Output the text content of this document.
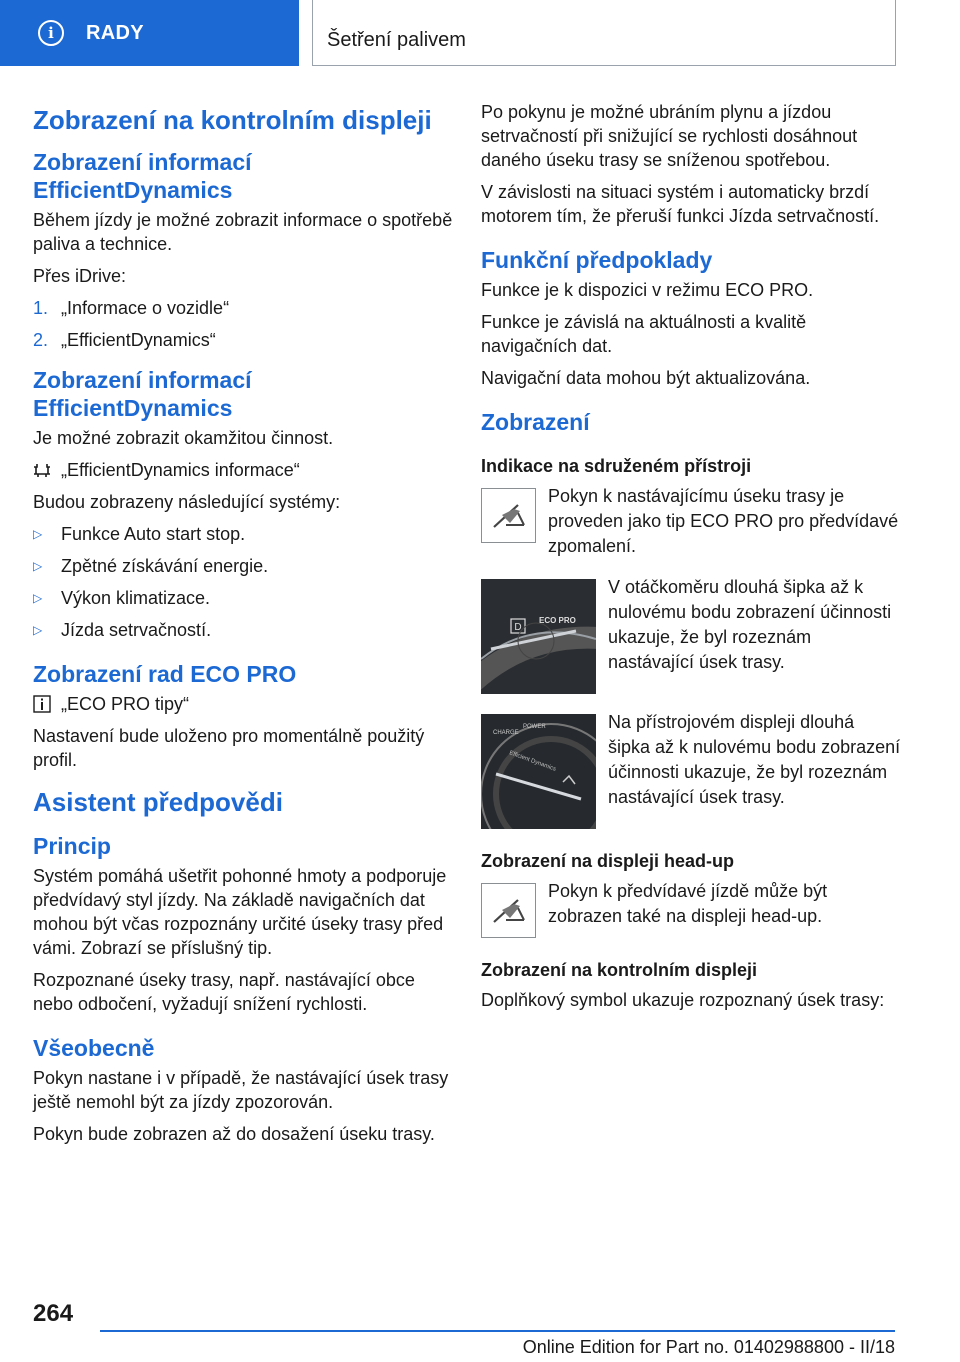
i	RADY	Šetření palivem
Zobrazení na kontrolním displeji
Zobrazení informací EfficientDynamics
Během jízdy je možné zobrazit informace o spotřebě paliva a technice.
Přes iDrive:
1. „Informace o vozidle“
2. „EfficientDynamics“
Zobrazení informací EfficientDynamics
Je možné zobrazit okamžitou činnost.
„EfficientDynamics informace“
Budou zobrazeny následující systémy:
▷	Funkce Auto start stop.
▷	Zpětné získávání energie.
▷	Výkon klimatizace.
▷	Jízda setrvačností.
Zobrazení rad ECO PRO
„ECO PRO tipy“
Nastavení bude uloženo pro momentálně použitý profil.
Asistent předpovědi
Princip
Systém pomáhá ušetřit pohonné hmoty a podporuje předvídavý styl jízdy. Na základě navigačních dat mohou být včas rozpoznány určité úseky trasy před vámi. Zobrazí se příslušný tip.
Rozpoznané úseky trasy, např. nastávající obce nebo odbočení, vyžadují snížení rychlosti.
Všeobecně
Pokyn nastane i v případě, že nastávající úsek trasy ještě nemohl být za jízdy zpozorován.
Pokyn bude zobrazen až do dosažení úseku trasy.
Po pokynu je možné ubráním plynu a jízdou setrvačností při snižující se rychlosti dosáhnout daného úseku trasy se sníženou spotřebou.
V závislosti na situaci systém i automaticky brzdí motorem tím, že přeruší funkci Jízda setrvačností.
Funkční předpoklady
Funkce je k dispozici v režimu ECO PRO.
Funkce je závislá na aktuálnosti a kvalitě navigačních dat.
Navigační data mohou být aktualizována.
Zobrazení
Indikace na sdruženém přístroji
Pokyn k nastávajícímu úseku trasy je proveden jako tip ECO PRO pro předvídavé zpomalení.
D
ECO PRO
V otáčkoměru dlouhá šipka až k nulovému bodu zobrazení účinnosti ukazuje, že byl rozeznám nastávající úsek trasy.
CHARGE
POWER
Efficient Dynamics
Na přístrojovém displeji dlouhá šipka až k nulovému bodu zobrazení účinnosti ukazuje, že byl rozeznám nastávající úsek trasy.
Zobrazení na displeji head-up
Pokyn k předvídavé jízdě může být zobrazen také na displeji head-up.
Zobrazení na kontrolním displeji
Doplňkový symbol ukazuje rozpoznaný úsek trasy:
264
Online Edition for Part no. 01402988800 - II/18
